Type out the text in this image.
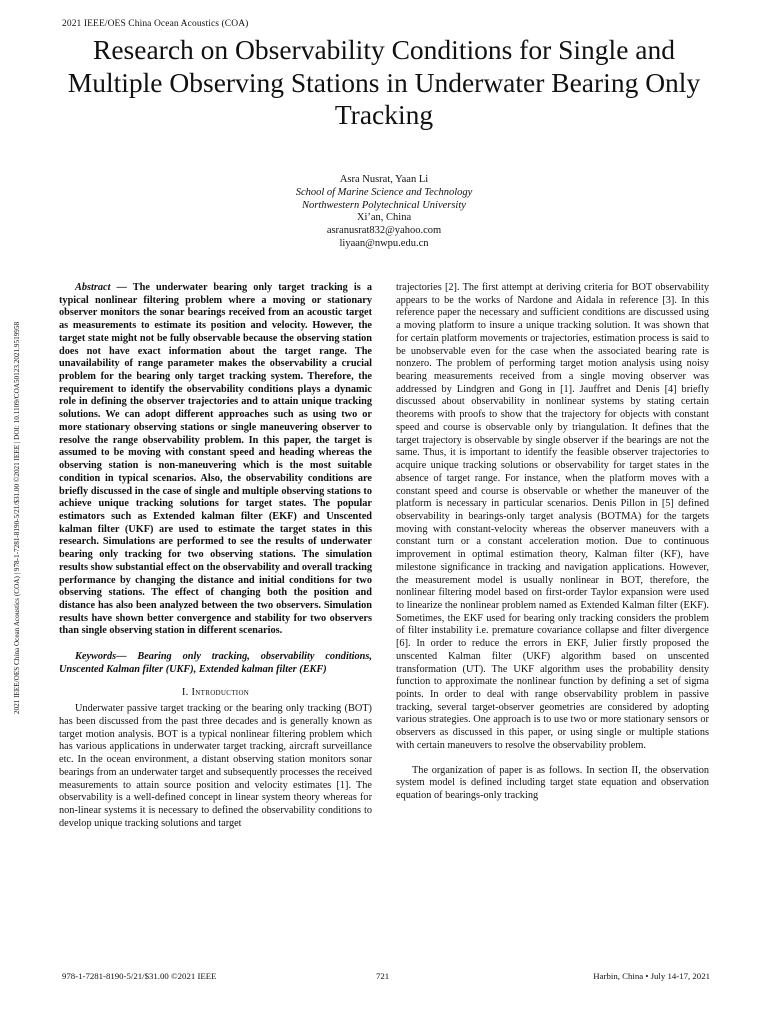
2021 IEEE/OES China Ocean Acoustics (COA)
Research on Observability Conditions for Single and Multiple Observing Stations in Underwater Bearing Only Tracking
Asra Nusrat, Yaan Li
School of Marine Science and Technology
Northwestern Polytechnical University
Xi’an, China
asranusrat832@yahoo.com
liyaan@nwpu.edu.cn
2021 IEEE/OES China Ocean Acoustics (COA) | 978-1-7281-8190-5/21/$31.00 ©2021 IEEE | DOI: 10.1109/COA50123.2021.9519958

Abstract — The underwater bearing only target tracking is a typical nonlinear filtering problem where a moving or stationary observer monitors the sonar bearings received from an acoustic target as measurements to estimate its position and velocity. However, the target state might not be fully observable because the observing station does not have exact information about the target range. The unavailability of range parameter makes the observability a crucial problem for the bearing only target tracking system. Therefore, the requirement to identify the observability conditions plays a dynamic role in defining the observer trajectories and to attain unique tracking solutions. We can adopt different approaches such as using two or more stationary observing stations or single maneuvering observer to resolve the range observability problem. In this paper, the target is assumed to be moving with constant speed and heading whereas the observing station is non-maneuvering which is the most suitable condition in typical scenarios. Also, the observability conditions are briefly discussed in the case of single and multiple observing stations to achieve unique tracking solutions for target states. The popular estimators such as Extended kalman filter (EKF) and Unscented kalman filter (UKF) are used to estimate the target states in this research. Simulations are performed to see the results of underwater bearing only tracking for two observing stations. The simulation results show substantial effect on the observability and overall tracking performance by changing the distance and initial conditions for two observing stations. The effect of changing both the position and distance has also been analyzed between the two observers. Simulation results have shown better convergence and stability for two observers than single observing station in different scenarios.

Keywords— Bearing only tracking, observability conditions, Unscented Kalman filter (UKF), Extended kalman filter (EKF)

I. Introduction

Underwater passive target tracking or the bearing only tracking (BOT) has been discussed from the past three decades and is generally known as target motion analysis. BOT is a typical nonlinear filtering problem which has various applications in underwater target tracking, aircraft surveillance etc. In the ocean environment, a distant observing station monitors sonar bearings from an underwater target and subsequently processes the received measurements to attain source position and velocity estimates [1]. The observability is a well-defined concept in linear system theory whereas for non-linear systems it is necessary to defined the observability conditions to develop unique tracking solutions and target

trajectories [2]. The first attempt at deriving criteria for BOT observability appears to be the works of Nardone and Aidala in reference [3]. In this reference paper the necessary and sufficient conditions are discussed using a moving platform to insure a unique tracking solution. It was shown that for certain platform movements or trajectories, estimation process is said to be unobservable even for the case when the associated bearing rate is nonzero. The problem of performing target motion analysis using noisy bearing measurements received from a single moving observer was addressed by Lindgren and Gong in [1]. Jauffret and Denis [4] briefly discussed about observability in nonlinear systems by stating certain theorems with proofs to show that the trajectory for objects with constant speed and course is observable only by triangulation. It defines that the target trajectory is observable by single observer if the bearings are not the same. Thus, it is important to identify the feasible observer trajectories to acquire unique tracking solutions or observability for target states in the absence of target range. For instance, when the platform moves with a constant speed and course is observable or whether the maneuver of the platform is necessary in particular scenarios. Denis Pillon in [5] defined observability in bearings-only target analysis (BOTMA) for the targets moving with constant-velocity whereas the observer maneuvers with a constant turn or a constant acceleration motion. Due to continuous improvement in optimal estimation theory, Kalman filter (KF), have milestone significance in tracking and navigation applications. However, the measurement model is usually nonlinear in BOT, therefore, the nonlinear filtering model based on first-order Taylor expansion were used to linearize the nonlinear problem named as Extended Kalman filter (EKF). Sometimes, the EKF used for bearing only tracking considers the problem of filter instability i.e. premature covariance collapse and filter divergence [6]. In order to reduce the errors in EKF, Julier firstly proposed the unscented Kalman filter (UKF) algorithm based on unscented transformation (UT). The UKF algorithm uses the probability density function to approximate the nonlinear function by defining a set of sigma points. In order to deal with range observability problem in passive tracking, several target-observer geometries are considered by adopting various strategies. One approach is to use two or more stationary sensors or observers as discussed in this paper, or using single or multiple stations with certain maneuvers to resolve the observability problem.

The organization of paper is as follows. In section II, the observation system model is defined including target state equation and observation equation of bearings-only tracking

978-1-7281-8190-5/21/$31.00 ©2021 IEEE	721	Harbin, China • July 14-17, 2021
